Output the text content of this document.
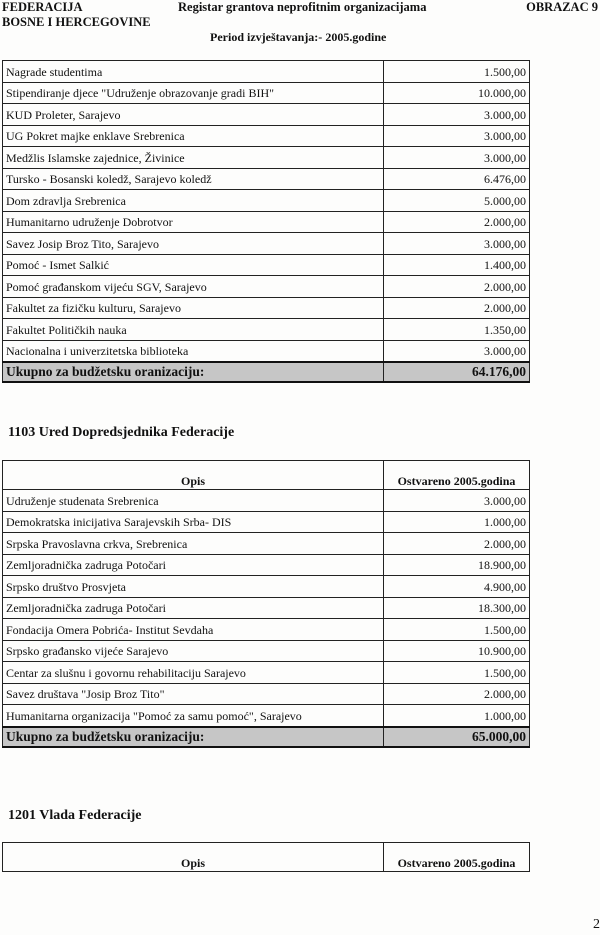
FEDERACIJA
BOSNE I HERCEGOVINE
Registar grantova neprofitnim organizacijama	OBRAZAC 9
Period izvještavanja:- 2005.godine
Nagrade studentima	1.500,00
Stipendiranje djece "Udruženje obrazovanje gradi BIH"	10.000,00
KUD Proleter, Sarajevo	3.000,00
UG Pokret majke enklave Srebrenica	3.000,00
Medžlis Islamske zajednice, Živinice	3.000,00
Tursko - Bosanski koledž, Sarajevo koledž	6.476,00
Dom zdravlja Srebrenica	5.000,00
Humanitarno udruženje Dobrotvor	2.000,00
Savez Josip Broz Tito, Sarajevo	3.000,00
Pomoć - Ismet Salkić	1.400,00
Pomoć građanskom vijeću SGV, Sarajevo	2.000,00
Fakultet za fizičku kulturu, Sarajevo	2.000,00
Fakultet Političkih nauka	1.350,00
Nacionalna i univerzitetska biblioteka	3.000,00
Ukupno za budžetsku oranizaciju:	64.176,00
1103 Ured Dopredsjednika Federacije
Opis	Ostvareno 2005.godina
Udruženje studenata Srebrenica	3.000,00
Demokratska inicijativa Sarajevskih Srba- DIS	1.000,00
Srpska Pravoslavna crkva, Srebrenica	2.000,00
Zemljoradnička zadruga Potočari	18.900,00
Srpsko društvo Prosvjeta	4.900,00
Zemljoradnička zadruga Potočari	18.300,00
Fondacija Omera Pobrića- Institut Sevdaha	1.500,00
Srpsko građansko vijeće Sarajevo	10.900,00
Centar za slušnu i govornu rehabilitaciju Sarajevo	1.500,00
Savez društava "Josip Broz Tito"	2.000,00
Humanitarna organizacija "Pomoć za samu pomoć", Sarajevo	1.000,00
Ukupno za budžetsku oranizaciju:	65.000,00
1201 Vlada Federacije
Opis	Ostvareno 2005.godina
2
